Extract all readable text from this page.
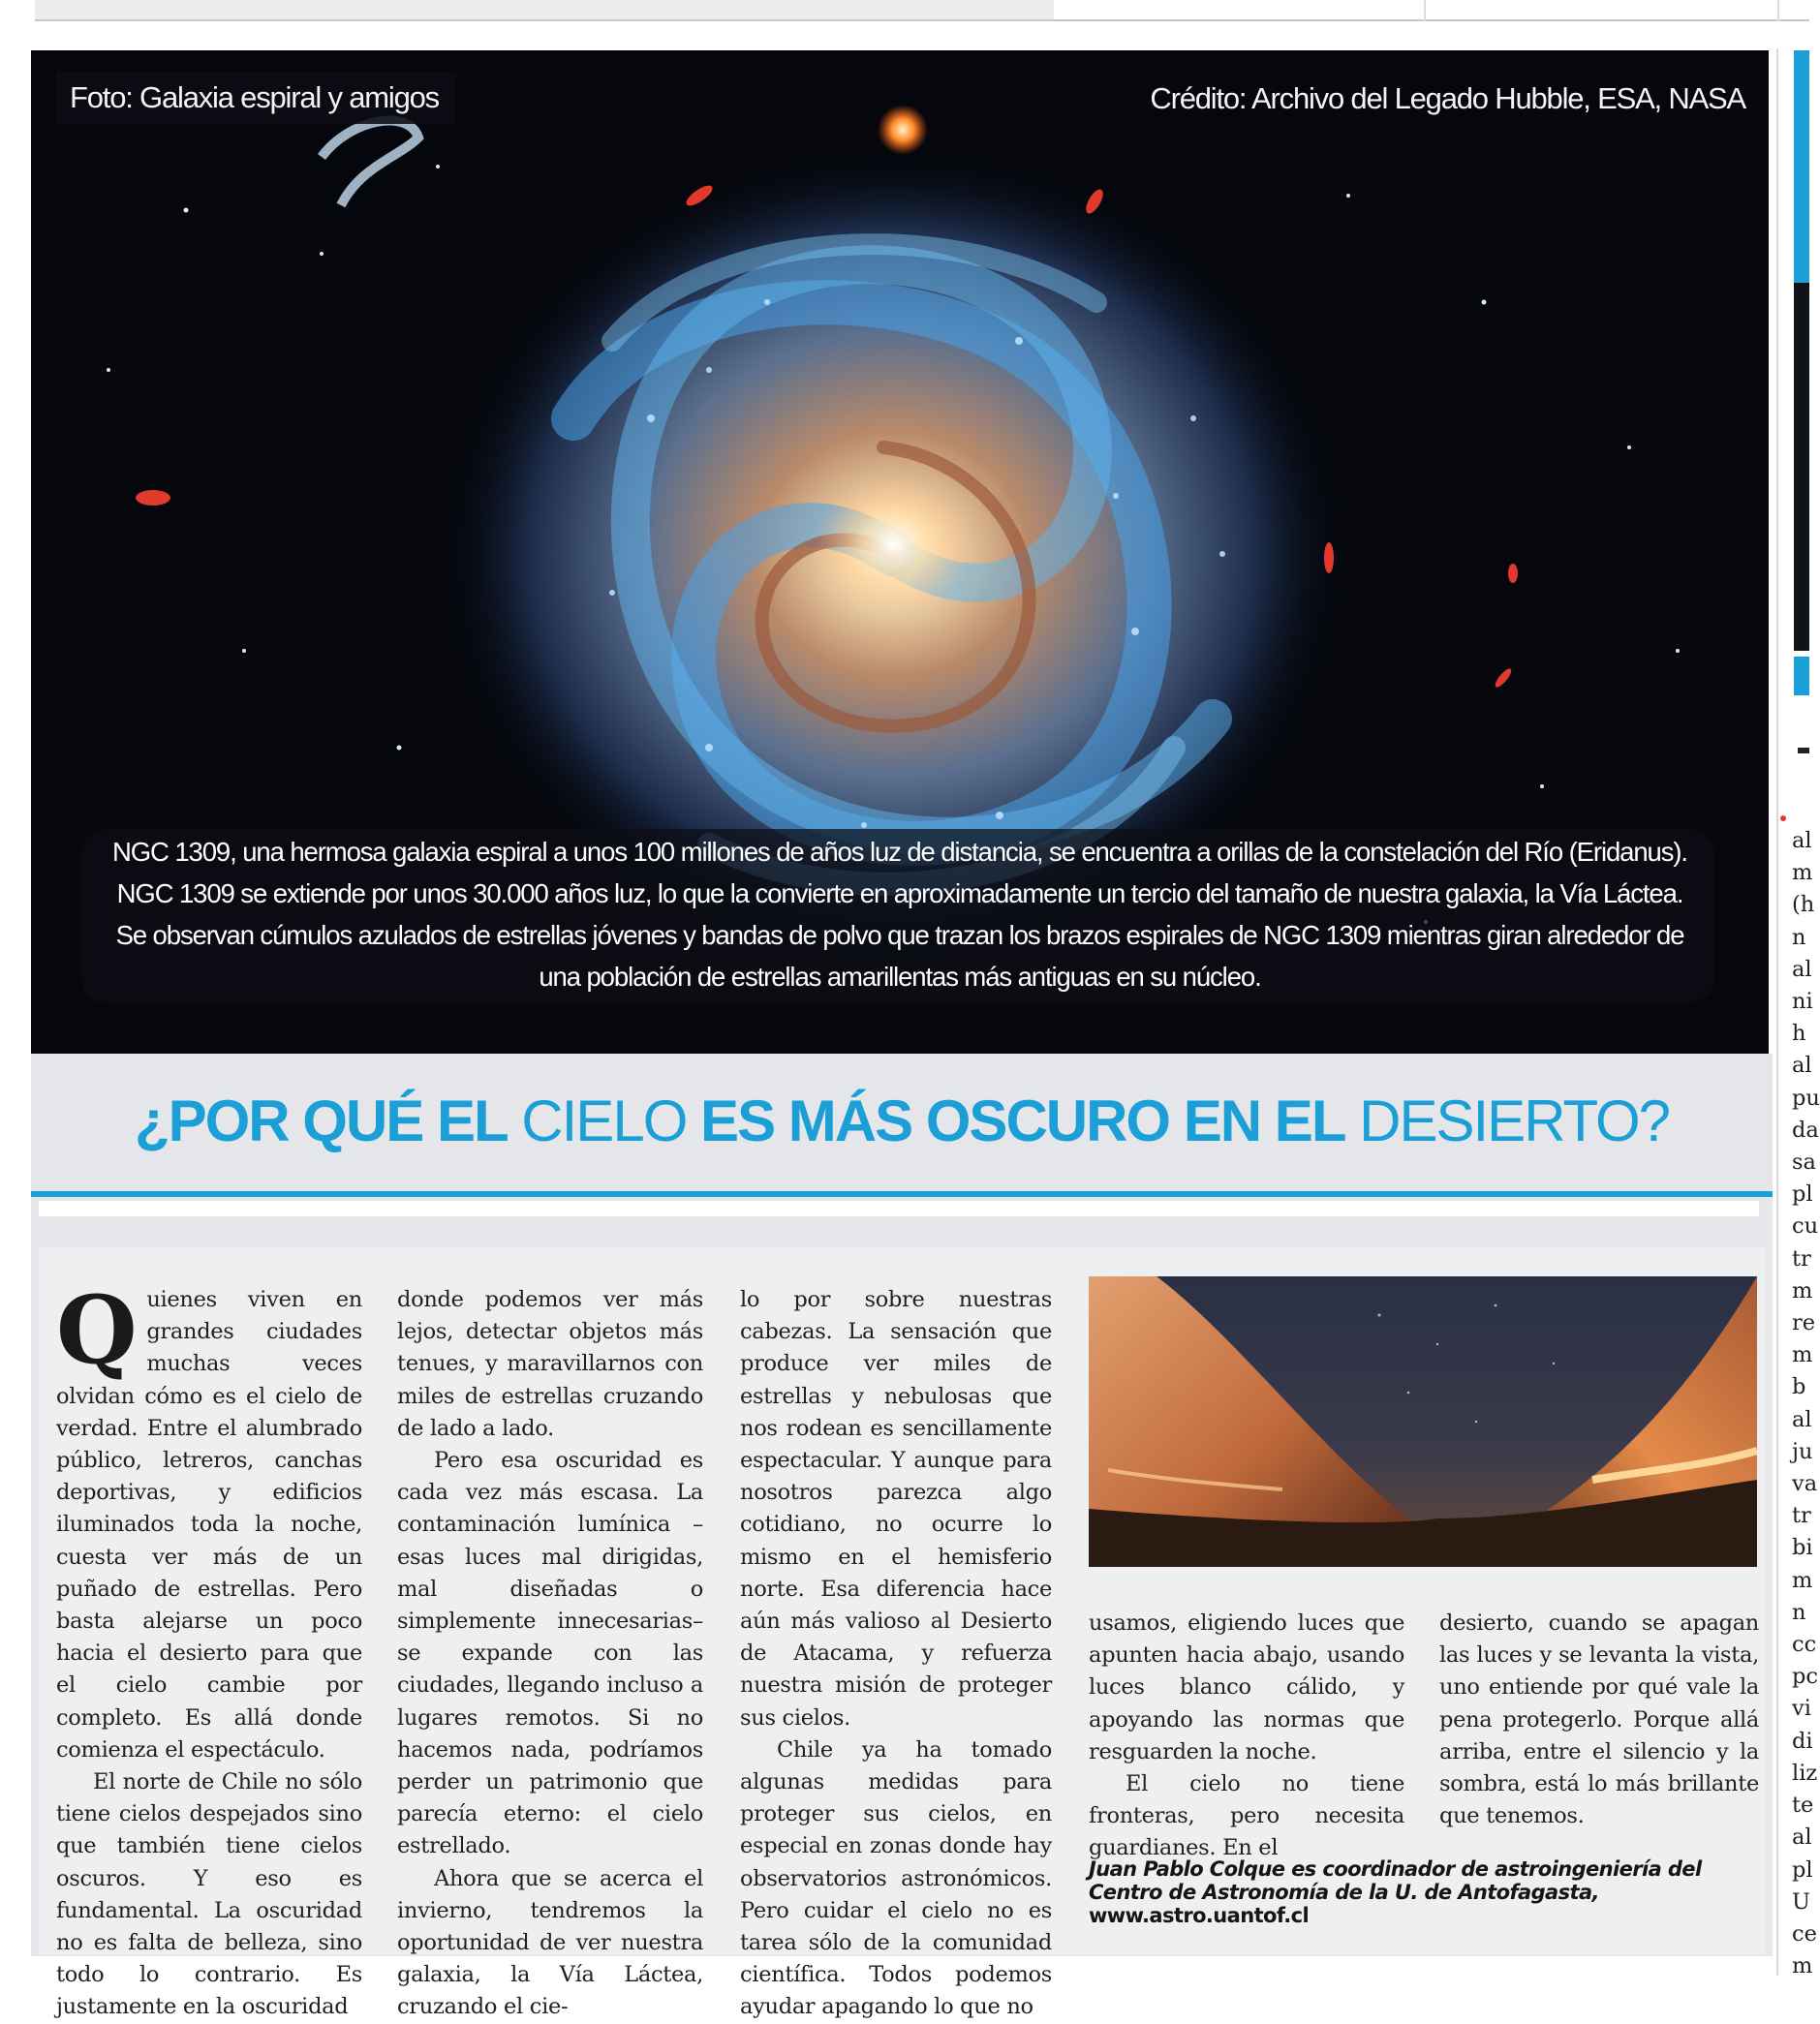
Foto: Galaxia espiral y amigos	Crédito: Archivo del Legado Hubble, ESA, NASA
NGC 1309, una hermosa galaxia espiral a unos 100 millones de años luz de distancia, se encuentra a orillas de la constelación del Río (Eridanus).
NGC 1309 se extiende por unos 30.000 años luz, lo que la convierte en aproximadamente un tercio del tamaño de nuestra galaxia, la Vía Láctea.
Se observan cúmulos azulados de estrellas jóvenes y bandas de polvo que trazan los brazos espirales de NGC 1309 mientras giran alrededor de
una población de estrellas amarillentas más antiguas en su núcleo.
¿POR QUÉ EL CIELO ES MÁS OSCURO EN EL DESIERTO?

Quienes viven en grandes ciudades muchas veces olvidan cómo es el cielo de verdad. Entre el alumbrado público, letreros, canchas deportivas, y edificios iluminados toda la noche, cuesta ver más de un puñado de estrellas. Pero basta alejarse un poco hacia el desierto para que el cielo cambie por completo. Es allá donde comienza el espectáculo.

El norte de Chile no sólo tiene cielos despejados sino que también tiene cielos oscuros. Y eso es fundamental. La oscuridad no es falta de belleza, sino todo lo contrario. Es justamente en la oscuridad

donde podemos ver más lejos, detectar objetos más tenues, y maravillarnos con miles de estrellas cruzando de lado a lado.

Pero esa oscuridad es cada vez más escasa. La contaminación lumínica –esas luces mal dirigidas, mal diseñadas o simplemente innecesarias– se expande con las ciudades, llegando incluso a lugares remotos. Si no hacemos nada, podríamos perder un patrimonio que parecía eterno: el cielo estrellado.

Ahora que se acerca el invierno, tendremos la oportunidad de ver nuestra galaxia, la Vía Láctea, cruzando el cie-

lo por sobre nuestras cabezas. La sensación que produce ver miles de estrellas y nebulosas que nos rodean es sencillamente espectacular. Y aunque para nosotros parezca algo cotidiano, no ocurre lo mismo en el hemisferio norte. Esa diferencia hace aún más valioso al Desierto de Atacama, y refuerza nuestra misión de proteger sus cielos.

Chile ya ha tomado algunas medidas para proteger sus cielos, en especial en zonas donde hay observatorios astronómicos. Pero cuidar el cielo no es tarea sólo de la comunidad científica. Todos podemos ayudar apagando lo que no

usamos, eligiendo luces que apunten hacia abajo, usando luces blanco cálido, y apoyando las normas que resguarden la noche.

El cielo no tiene fronteras, pero necesita guardianes. En el

desierto, cuando se apagan las luces y se levanta la vista, uno entiende por qué vale la pena protegerlo. Porque allá arriba, entre el silencio y la sombra, está lo más brillante que tenemos.

Juan Pablo Colque es coordinador de astroingeniería del
Centro de Astronomía de la U. de Antofagasta,
www.astro.uantof.cl
al
m
(h
n
al
ni
h
al
pu
da
sa
pl
cu
tr
m
re
m
b
al
ju
va
tr
bi
m
n
cc
pc
vi
di
liz
te
al
pl
U
ce
m
